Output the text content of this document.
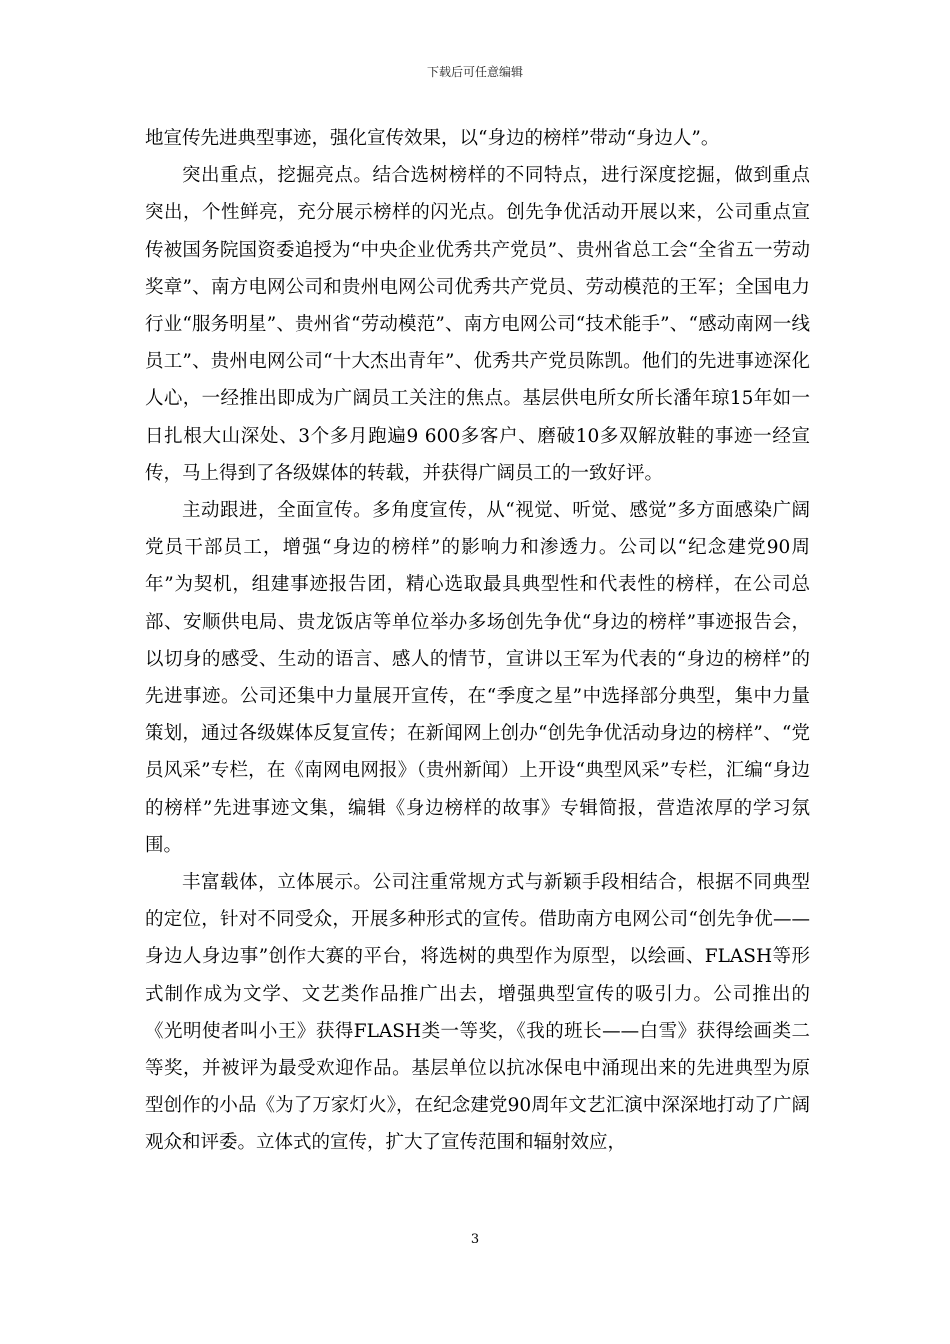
下载后可任意编辑

地宣传先进典型事迹，强化宣传效果，以“身边的榜样”带动“身边人”。

突出重点，挖掘亮点。结合选树榜样的不同特点，进行深度挖掘，做到重点突出，个性鲜亮，充分展示榜样的闪光点。创先争优活动开展以来，公司重点宣传被国务院国资委追授为“中央企业优秀共产党员”、贵州省总工会“全省五一劳动奖章”、南方电网公司和贵州电网公司优秀共产党员、劳动模范的王军；全国电力行业“服务明星”、贵州省“劳动模范”、南方电网公司“技术能手”、“感动南网一线员工”、贵州电网公司“十大杰出青年”、优秀共产党员陈凯。他们的先进事迹深化人心，一经推出即成为广阔员工关注的焦点。基层供电所女所长潘年琼15年如一日扎根大山深处、3个多月跑遍9 600多客户、磨破10多双解放鞋的事迹一经宣传，马上得到了各级媒体的转载，并获得广阔员工的一致好评。

主动跟进，全面宣传。多角度宣传，从“视觉、听觉、感觉”多方面感染广阔党员干部员工，增强“身边的榜样”的影响力和渗透力。公司以“纪念建党90周年”为契机，组建事迹报告团，精心选取最具典型性和代表性的榜样，在公司总部、安顺供电局、贵龙饭店等单位举办多场创先争优“身边的榜样”事迹报告会，以切身的感受、生动的语言、感人的情节，宣讲以王军为代表的“身边的榜样”的先进事迹。公司还集中力量展开宣传，在“季度之星”中选择部分典型，集中力量策划，通过各级媒体反复宣传；在新闻网上创办“创先争优活动身边的榜样”、“党员风采”专栏，在《南网电网报》（贵州新闻）上开设“典型风采”专栏，汇编“身边的榜样”先进事迹文集，编辑《身边榜样的故事》专辑简报，营造浓厚的学习氛围。

丰富载体，立体展示。公司注重常规方式与新颖手段相结合，根据不同典型的定位，针对不同受众，开展多种形式的宣传。借助南方电网公司“创先争优——身边人身边事”创作大赛的平台，将选树的典型作为原型，以绘画、FLASH等形式制作成为文学、文艺类作品推广出去，增强典型宣传的吸引力。公司推出的《光明使者叫小王》获得FLASH类一等奖，《我的班长——白雪》获得绘画类二等奖，并被评为最受欢迎作品。基层单位以抗冰保电中涌现出来的先进典型为原型创作的小品《为了万家灯火》，在纪念建党90周年文艺汇演中深深地打动了广阔观众和评委。立体式的宣传，扩大了宣传范围和辐射效应，

3
